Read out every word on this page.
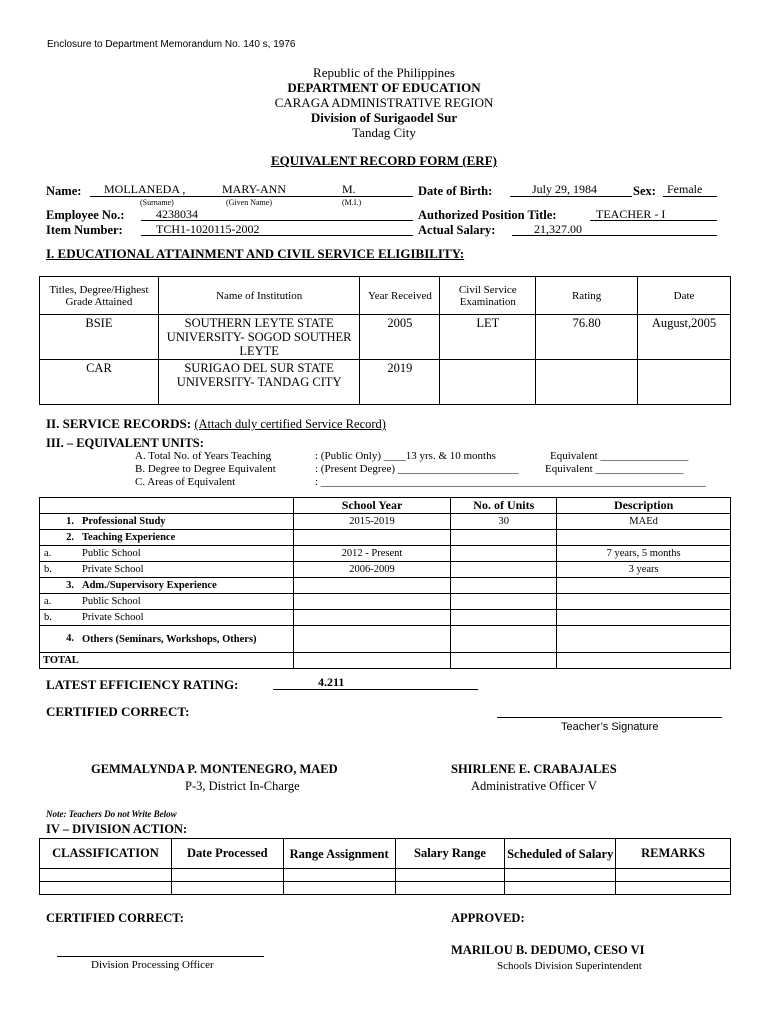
Enclosure to Department Memorandum No. 140 s, 1976
Republic of the Philippines
DEPARTMENT OF EDUCATION
CARAGA ADMINISTRATIVE REGION
Division of Surigaodel Sur
Tandag City
EQUIVALENT RECORD FORM (ERF)
Name: MOLLANEDA ,	MARY-ANN	M.
(Surname)	(Given Name)	(M.I.)
Date of Birth:	July 29, 1984	Sex: Female
Employee No.:	4238034	Authorized Position Title:	TEACHER - I
Item Number:	TCH1-1020115-2002	Actual Salary:	21,327.00
I. EDUCATIONAL ATTAINMENT AND CIVIL SERVICE ELIGIBILITY:
Titles, Degree/Highest Grade Attained	Name of Institution	Year Received	Civil Service Examination	Rating	Date
BSIE	SOUTHERN LEYTE STATE UNIVERSITY- SOGOD SOUTHER LEYTE	2005	LET	76.80	August,2005
CAR	SURIGAO DEL SUR STATE UNIVERSITY- TANDAG CITY	2019			
II. SERVICE RECORDS: (Attach duly certified Service Record)
III. – EQUIVALENT UNITS:
A. Total No. of Years Teaching	: (Public Only) ____13 yrs. & 10 months	Equivalent ________________
B. Degree to Degree Equivalent	: (Present Degree) ______________________ Equivalent ________________
C. Areas of Equivalent	: ______________________________________________________________________
	School Year	No. of Units	Description
1. Professional Study	2015-2019	30	MAEd
2. Teaching Experience			
a. Public School	2012 - Present		7 years, 5 months
b. Private School	2006-2009		3 years
3. Adm./Supervisory Experience			
a. Public School			
b. Private School			

4. Others (Seminars, Workshops, Others)			

TOTAL			
LATEST EFFICIENCY RATING:	4.211
CERTIFIED CORRECT:
Teacher’s Signature
GEMMALYNDA P. MONTENEGRO, MAED
P-3, District In-Charge
SHIRLENE E. CRABAJALES
Administrative Officer V
Note: Teachers Do not Write Below
IV – DIVISION ACTION:
CLASSIFICATION	Date Processed	Range Assignment	Salary Range	Scheduled of Salary	REMARKS

CERTIFIED CORRECT:	APPROVED:
Division Processing Officer
MARILOU B. DEDUMO, CESO VI
Schools Division Superintendent
